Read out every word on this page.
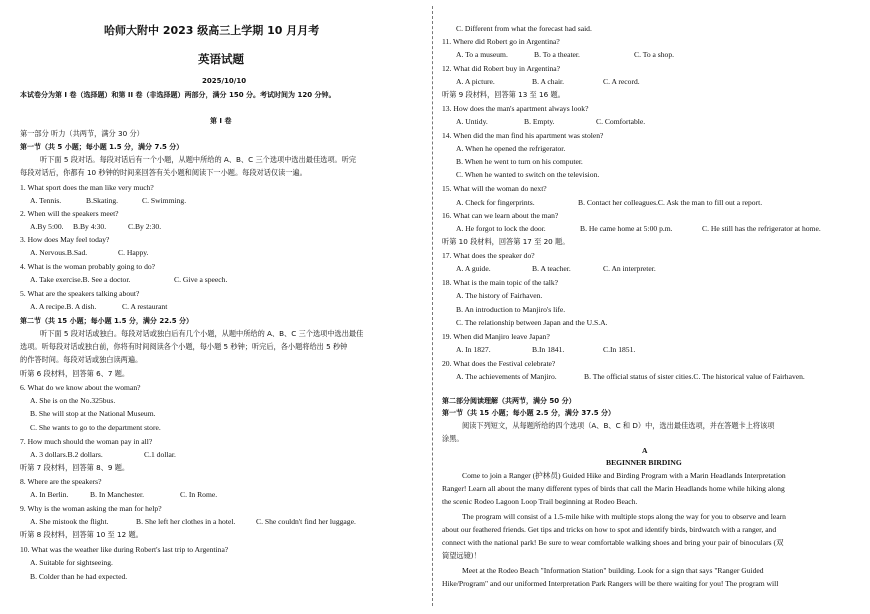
哈师大附中 2023 级高三上学期 10 月月考
英语试题
2025/10/10
本试卷分为第 I 卷（选择题）和第 II 卷（非选择题）两部分，满分 150 分。考试时间为 120 分钟。
第 I 卷
第一部分 听力（共两节，满分 30 分）
第一节（共 5 小题；每小题 1.5 分，满分 7.5 分）
听下面 5 段对话。每段对话后有一个小题，从题中所给的 A、B、C 三个选项中选出最佳选项。听完
每段对话后，你都有 10 秒钟的时间来回答有关小题和阅读下一小题。每段对话仅读一遍。
1. What sport does the man like very much?
A. Tennis.	B.Skating.	C. Swimming.
2. When will the speakers meet?
A.By 5:00. B.By 4:30.	C.By 2:30.
3. How does May feel today?
A. Nervous.B.Sad.	C. Happy.
4. What is the woman probably going to do?
A. Take exercise.B. See a doctor.	C. Give a speech.
5. What are the speakers talking about?
A. A recipe.B. A dish.	C. A restaurant
第二节（共 15 小题；每小题 1.5 分，满分 22.5 分）
听下面 5 段对话或独白。每段对话或独白后有几个小题，从题中所给的 A、B、C 三个选项中选出最佳
选项。听每段对话或独白前，你将有时间阅读各个小题，每小题 5 秒钟；听完后，各小题将给出 5 秒钟
的作答时间。每段对话或独白读两遍。
听第 6 段材料，回答第 6、7 题。
6. What do we know about the woman?
A. She is on the No.325bus.
B. She will stop at the National Museum.
C. She wants to go to the department store.
7. How much should the woman pay in all?
A. 3 dollars.B.2 dollars.	C.1 dollar.
听第 7 段材料，回答第 8、9 题。
8. Where are the speakers?
A. In Berlin.	B. In Manchester.	C. In Rome.
9. Why is the woman asking the man for help?
A. She mistook the flight.	B. She left her clothes in a hotel.	C. She couldn't find her luggage.
听第 8 段材料，回答第 10 至 12 题。
10. What was the weather like during Robert's last trip to Argentina?
A. Suitable for sightseeing.
B. Colder than he had expected.
C. Different from what the forecast had said.
11. Where did Robert go in Argentina?
A. To a museum.	B. To a theater.	C. To a shop.
12. What did Robert buy in Argentina?
A. A picture.	B. A chair.	C. A record.
听第 9 段材料，回答第 13 至 16 题。
13. How does the man's apartment always look?
A. Untidy.	B. Empty.	C. Comfortable.
14. When did the man find his apartment was stolen?
A. When he opened the refrigerator.
B. When he went to turn on his computer.
C. When he wanted to switch on the television.
15. What will the woman do next?
A. Check for fingerprints.	B. Contact her colleagues.C. Ask the man to fill out a report.
16. What can we learn about the man?
A. He forgot to lock the door.	B. He came home at 5:00 p.m.	C. He still has the refrigerator at home.
听第 10 段材料，回答第 17 至 20 题。
17. What does the speaker do?
A. A guide.	B. A teacher.	C. An interpreter.
18. What is the main topic of the talk?
A. The history of Fairhaven.
B. An introduction to Manjiro's life.
C. The relationship between Japan and the U.S.A.
19. When did Manjiro leave Japan?
A. In 1827.	B.In 1841.	C.In 1851.
20. What does the Festival celebrate?
A. The achievements of Manjiro.	B. The official status of sister cities.C. The historical value of Fairhaven.
第二部分阅读理解（共两节，满分 50 分）
第一节（共 15 小题；每小题 2.5 分，满分 37.5 分）
阅读下列短文，从每题所给的四个选项（A、B、C 和 D）中，选出最佳选项，并在答题卡上将该项
涂黑。
A
BEGINNER BIRDING
Come to join a Ranger (护林员) Guided Hike and Birding Program with a Marin Headlands Interpretation
Ranger! Learn all about the many different types of birds that call the Marin Headlands home while hiking along
the scenic Rodeo Lagoon Loop Trail beginning at Rodeo Beach.
The program will consist of a 1.5-mile hike with multiple stops along the way for you to observe and learn
about our feathered friends. Get tips and tricks on how to spot and identify birds, birdwatch with a ranger, and
connect with the national park! Be sure to wear comfortable walking shoes and bring your pair of binoculars (双
筒望远镜)！
Meet at the Rodeo Beach "Information Station" building. Look for a sign that says "Ranger Guided
Hike/Program" and our uniformed Interpretation Park Rangers will be there waiting for you! The program will
